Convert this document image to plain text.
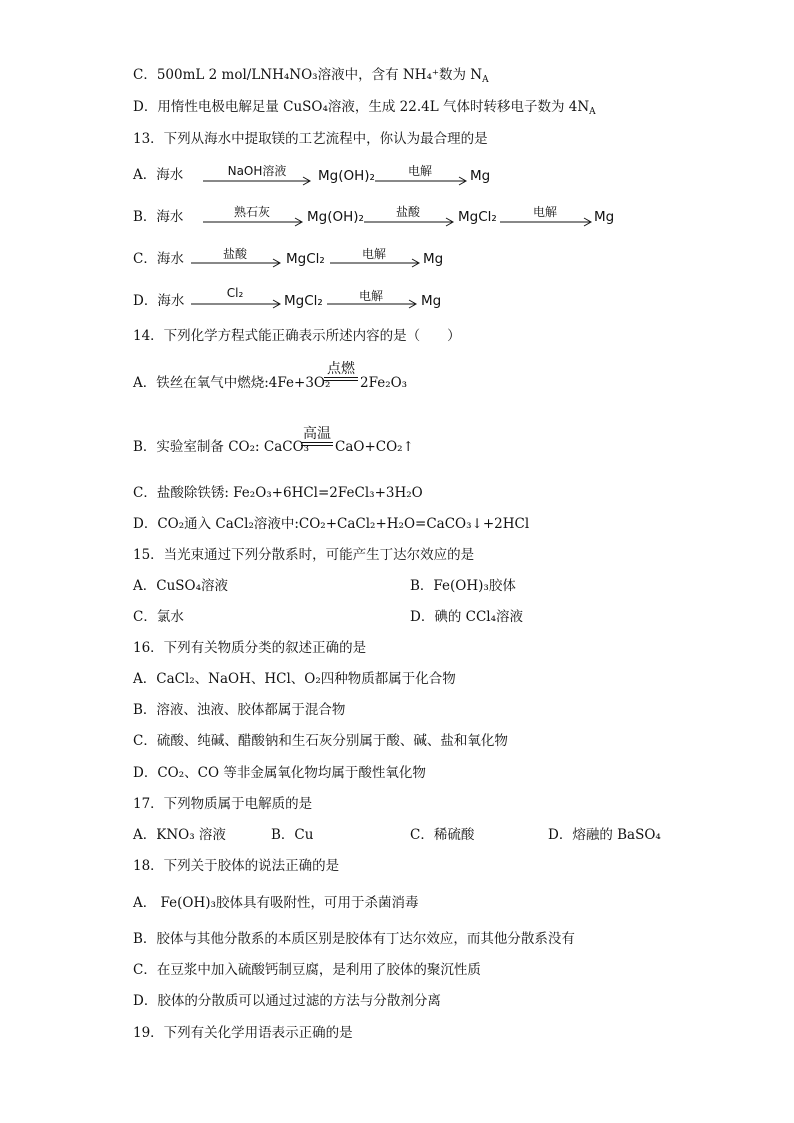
C．500mL 2 mol/LNH₄NO₃溶液中，含有 NH₄⁺数为 $N_A$
D．用惰性电极电解足量 CuSO₄溶液，生成 22.4L 气体时转移电子数为 $4N_A$
13．下列从海水中提取镁的工艺流程中，你认为最合理的是
A．海水	NaOH溶液	Mg(OH)₂	电解	Mg
B．海水	熟石灰	Mg(OH)₂	盐酸	MgCl₂	电解	Mg
C．海水	盐酸	MgCl₂	电解	Mg
D．海水	Cl₂	MgCl₂	电解	Mg
14．下列化学方程式能正确表示所述内容的是（　　）
A．铁丝在氧气中燃烧:4Fe+3O₂
点燃
2Fe₂O₃
B．实验室制备 CO₂: CaCO₃
高温
CaO+CO₂↑
C．盐酸除铁锈: Fe₂O₃+6HCl=2FeCl₃+3H₂O
D．CO₂通入 CaCl₂溶液中:CO₂+CaCl₂+H₂O=CaCO₃↓+2HCl
15．当光束通过下列分散系时，可能产生丁达尔效应的是
A．CuSO₄溶液	B．Fe(OH)₃胶体
C．氯水	D．碘的 CCl₄溶液
16．下列有关物质分类的叙述正确的是
A．CaCl₂、NaOH、HCl、O₂四种物质都属于化合物
B．溶液、浊液、胶体都属于混合物
C．硫酸、纯碱、醋酸钠和生石灰分别属于酸、碱、盐和氧化物
D．CO₂、CO 等非金属氧化物均属于酸性氧化物
17．下列物质属于电解质的是
A．KNO₃ 溶液	B．Cu	C．稀硫酸	D．熔融的 BaSO₄
18．下列关于胶体的说法正确的是
A． Fe(OH)₃胶体具有吸附性，可用于杀菌消毒
B．胶体与其他分散系的本质区别是胶体有丁达尔效应，而其他分散系没有
C．在豆浆中加入硫酸钙制豆腐，是利用了胶体的聚沉性质
D．胶体的分散质可以通过过滤的方法与分散剂分离
19．下列有关化学用语表示正确的是
